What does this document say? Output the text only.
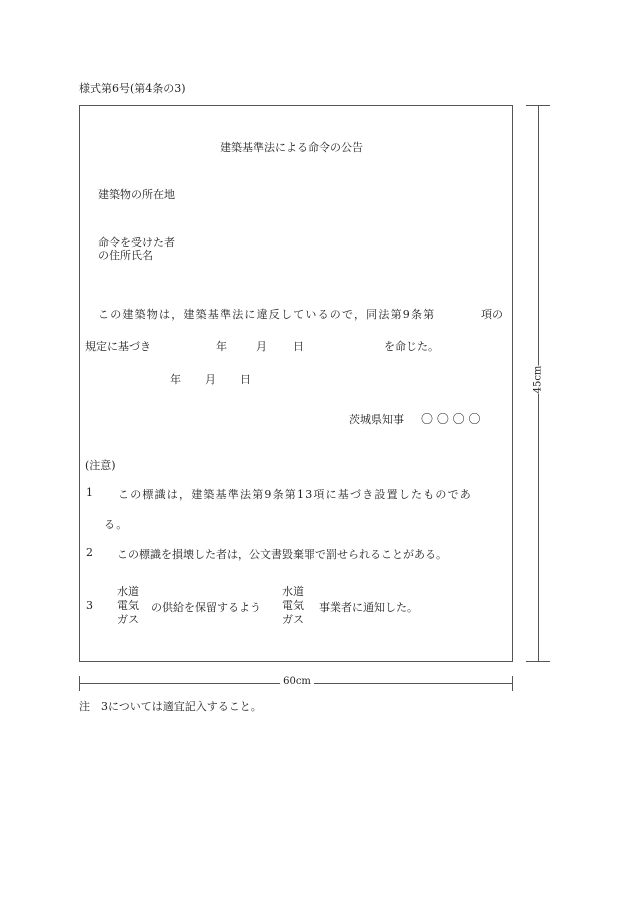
様式第6号(第4条の3)
建築基準法による命令の公告
建築物の所在地
命令を受けた者
の住所氏名
この建築物は，建築基準法に違反しているので，同法第9条第	項の
規定に基づき	年	月 日	を命じた。
年 月 日
茨城県知事 〇 〇 〇 〇
(注意)
1 この標識は，建築基準法第9条第13項に基づき設置したものであ
る。
2 この標識を損壊した者は，公文書毀棄罪で罰せられることがある。
3
水道
電気
ガス
の供給を保留するよう
水道
電気
ガス
事業者に通知した。
45cm
60cm
注　3については適宜記入すること。
